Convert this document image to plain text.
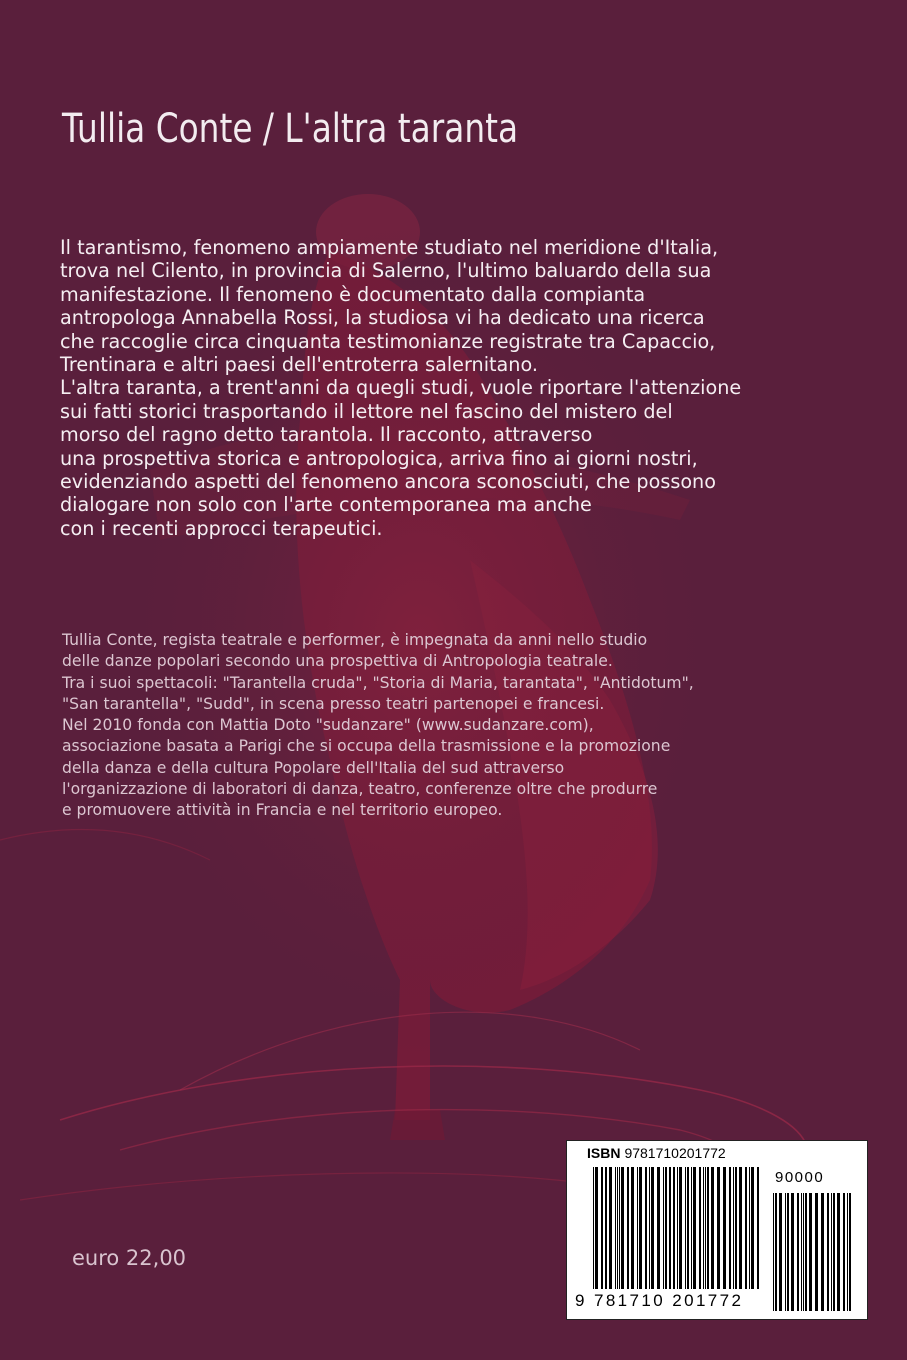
Tullia Conte / L'altra taranta
Il tarantismo, fenomeno ampiamente studiato nel meridione d'Italia,
trova nel Cilento, in provincia di Salerno, l'ultimo baluardo della sua
manifestazione. Il fenomeno è documentato dalla compianta
antropologa Annabella Rossi, la studiosa vi ha dedicato una ricerca
che raccoglie circa cinquanta testimonianze registrate tra Capaccio,
Trentinara e altri paesi dell'entroterra salernitano.
L'altra taranta, a trent'anni da quegli studi, vuole riportare l'attenzione
sui fatti storici trasportando il lettore nel fascino del mistero del
morso del ragno detto tarantola. Il racconto, attraverso
una prospettiva storica e antropologica, arriva fino ai giorni nostri,
evidenziando aspetti del fenomeno ancora sconosciuti, che possono
dialogare non solo con l'arte contemporanea ma anche
con i recenti approcci terapeutici.
Tullia Conte, regista teatrale e performer, è impegnata da anni nello studio
delle danze popolari secondo una prospettiva di Antropologia teatrale.
Tra i suoi spettacoli: "Tarantella cruda", "Storia di Maria, tarantata", "Antidotum",
"San tarantella", "Sudd", in scena presso teatri partenopei e francesi.
Nel 2010 fonda con Mattia Doto "sudanzare" (www.sudanzare.com),
associazione basata a Parigi che si occupa della trasmissione e la promozione
della danza e della cultura Popolare dell'Italia del sud attraverso
l'organizzazione di laboratori di danza, teatro, conferenze oltre che produrre
e promuovere attività in Francia e nel territorio europeo.
euro 22,00
ISBN 9781710201772
90000
9 781710 201772
